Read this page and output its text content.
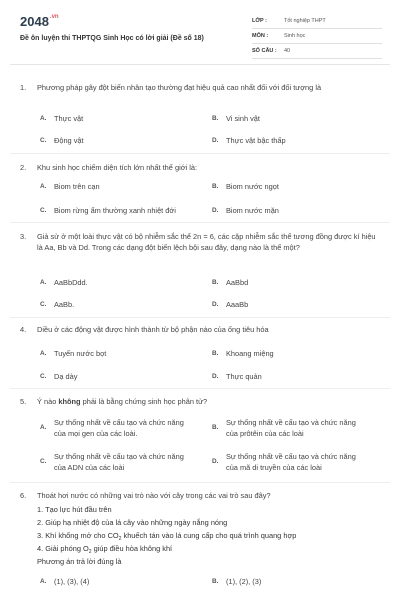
$2048^{.vn}$
Đề ôn luyện thi THPTQG Sinh Học có lời giải (Đề số 18)
LỚP :	Tốt nghiệp THPT
MÔN :	Sinh học
SỐ CÂU :	40
1.	Phương pháp gây đột biến nhân tạo thường đạt hiệu quả cao nhất đối với đối tượng là
A. Thực vật	B. Vi sinh vật
C. Động vật	D. Thực vật bậc thấp
2.	Khu sinh học chiếm diện tích lớn nhất thế giới là:
A. Biom trên cạn	B. Biom nước ngọt
C. Biom rừng ẩm thường xanh nhiệt đới	D. Biom nước mặn
3.	Giả sử ở một loài thực vật có bộ nhiễm sắc thể 2n = 6, các cặp nhiễm sắc thể tương đồng được kí hiệu là Aa, Bb và Dd. Trong các dạng đột biến lệch bội sau đây, dạng nào là thể một?
A. AaBbDdd.	B. AaBbd
C. AaBb.	D. AaaBb
4.	Diều ở các động vật được hình thành từ bộ phận nào của ống tiêu hóa
A. Tuyến nước bọt	B. Khoang miệng
C. Dạ dày	D. Thực quản
5.	Ý nào không phải là bằng chứng sinh học phân tử?
A.
Sự thống nhất về cấu tạo và chức năng của mọi gen của các loài.
B.
Sự thống nhất về cấu tạo và chức năng của prôtêin của các loài
C.
Sự thống nhất về cấu tạo và chức năng của ADN của các loài
D.
Sự thống nhất về cấu tạo và chức năng của mã di truyền của các loài
6.	Thoát hơi nước có những vai trò nào với cây trong các vai trò sau đây?
1. Tạo lực hút đầu trên
2. Giúp hạ nhiệt độ của lá cây vào những ngày nắng nóng
3. Khí khổng mở cho $CO_2$ khuếch tán vào lá cung cấp cho quá trình quang hợp
4. Giải phóng $O_2$ giúp điều hòa không khí
Phương án trả lời đúng là
A. (1), (3), (4)	B. (1), (2), (3)
